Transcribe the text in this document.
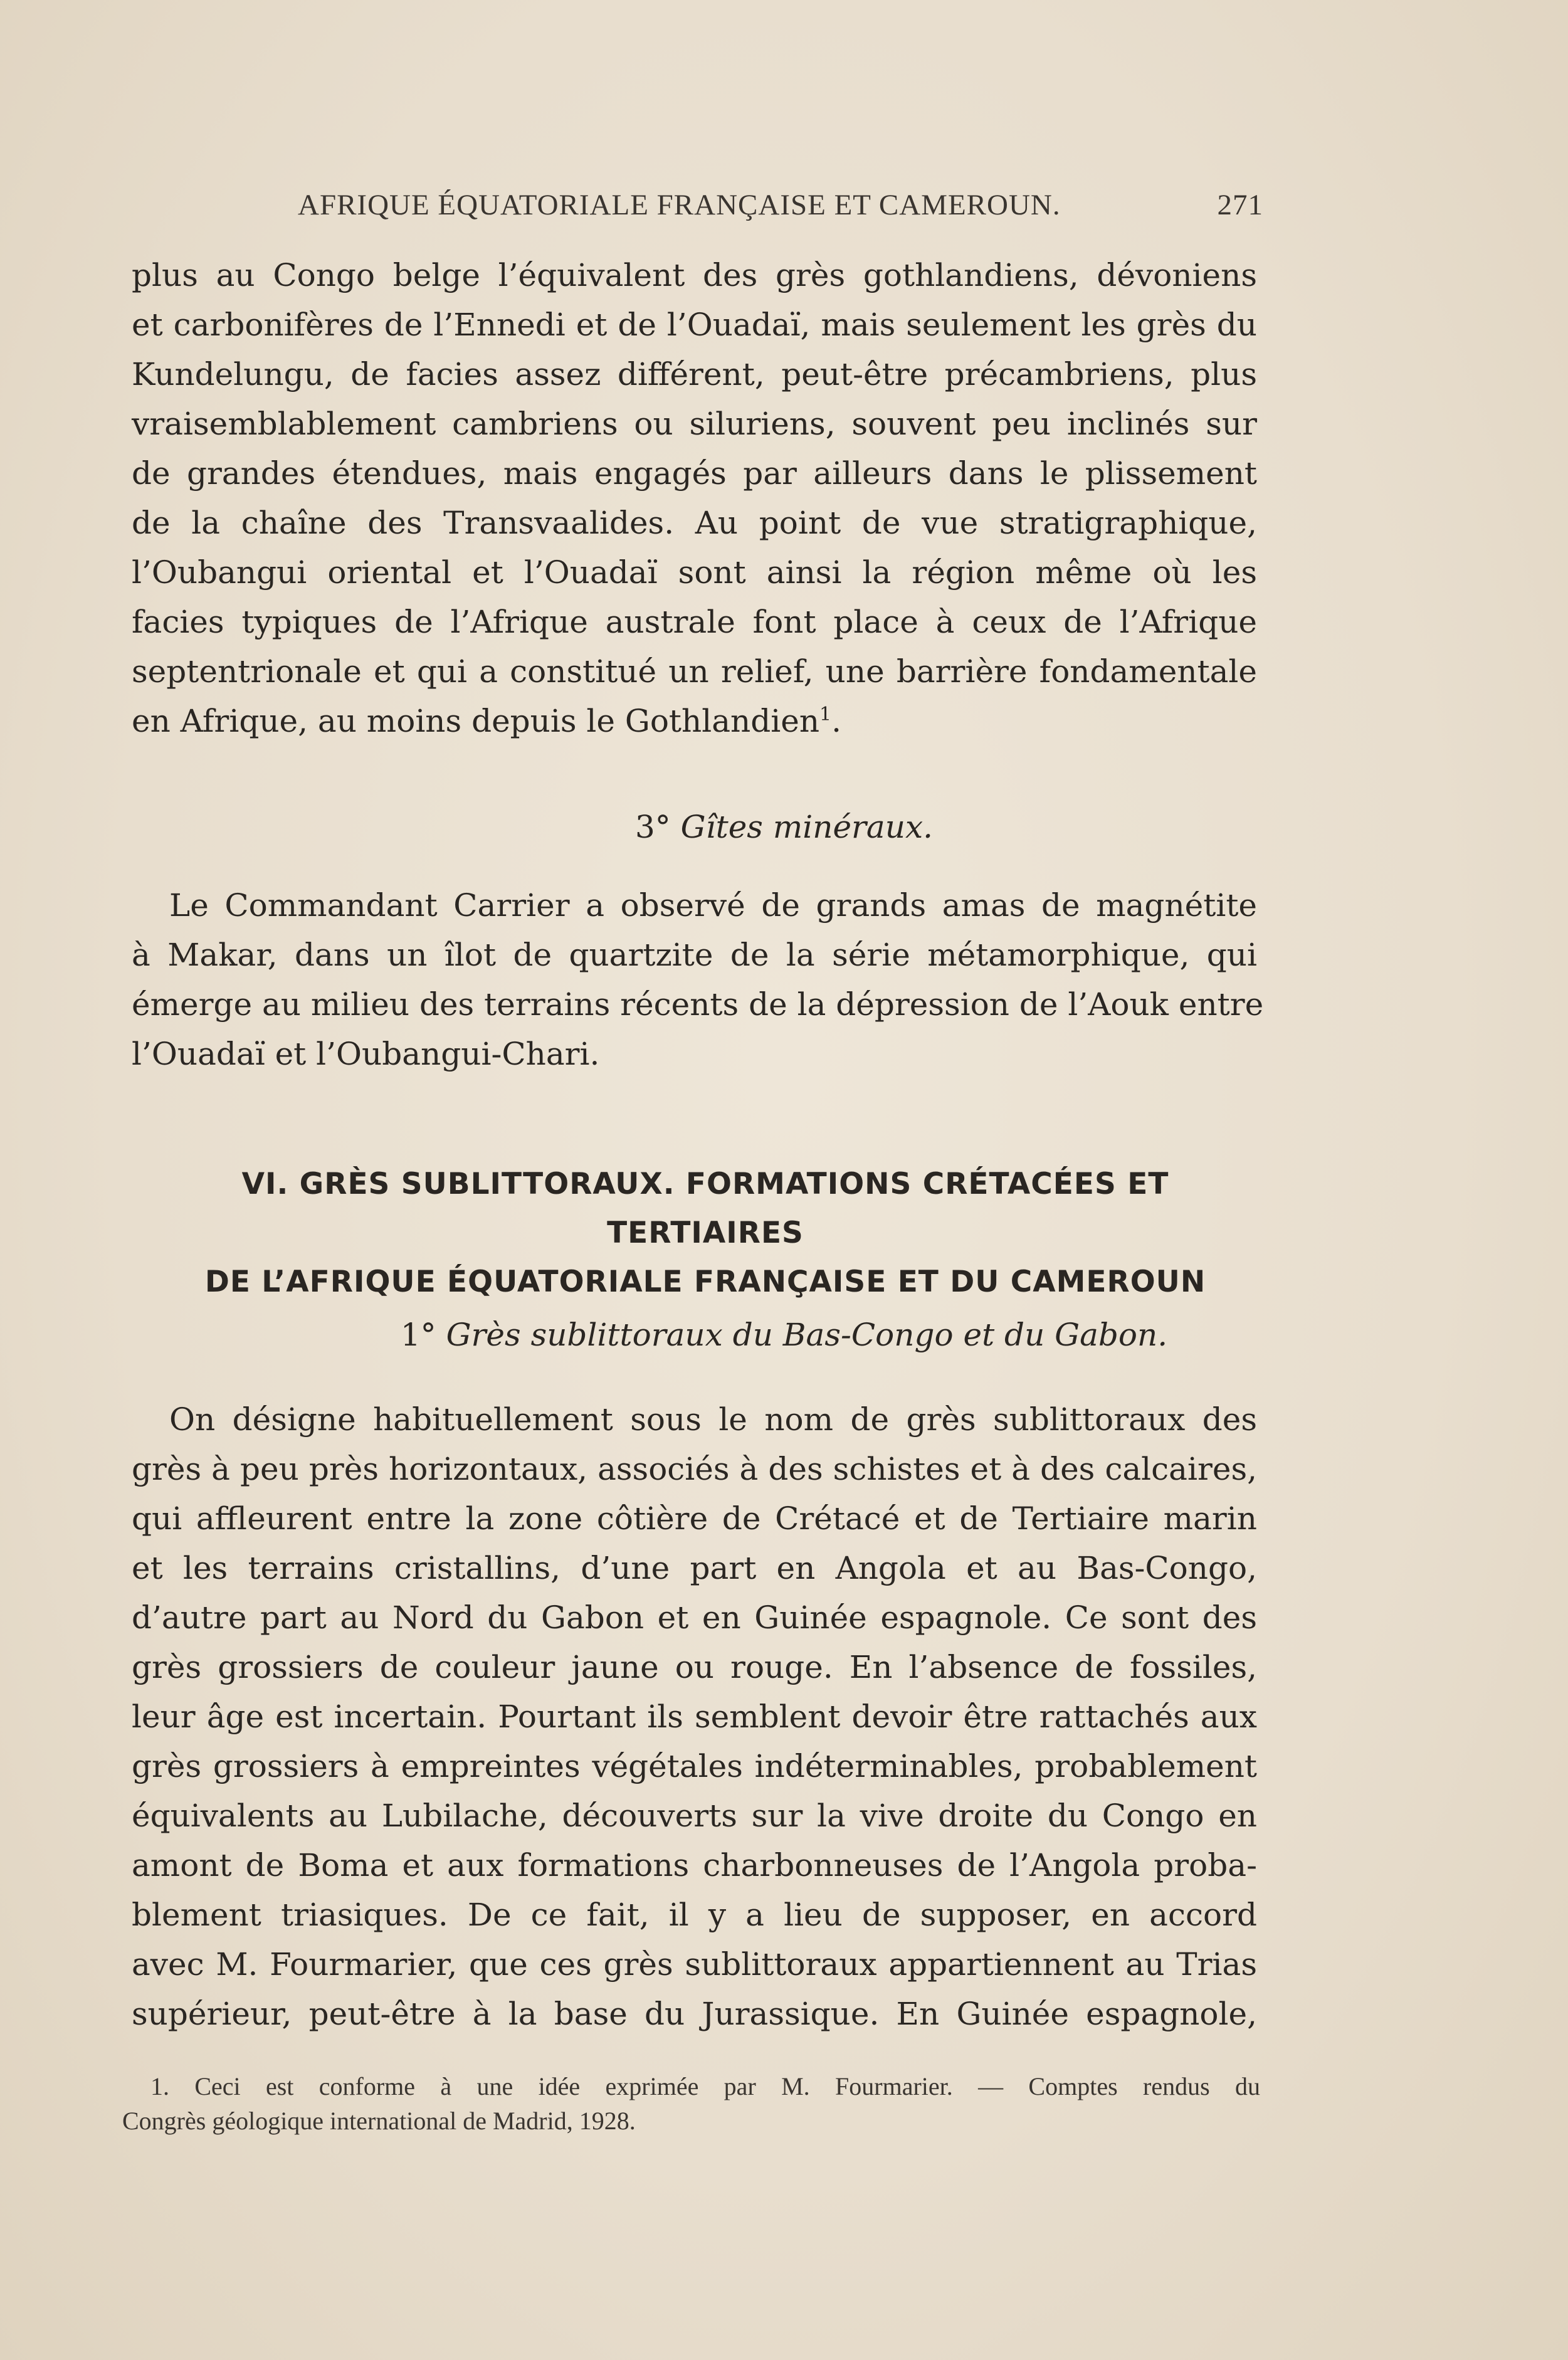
AFRIQUE ÉQUATORIALE FRANÇAISE ET CAMEROUN.	271
plus au Congo belge l’équivalent des grès gothlandiens, dévoniens
et carbonifères de l’Ennedi et de l’Ouadaï, mais seulement les grès du
Kundelungu, de facies assez différent, peut-être précambriens, plus
vraisemblablement cambriens ou siluriens, souvent peu inclinés sur
de grandes étendues, mais engagés par ailleurs dans le plissement
de la chaîne des Transvaalides. Au point de vue stratigraphique,
l’Oubangui oriental et l’Ouadaï sont ainsi la région même où les
facies typiques de l’Afrique australe font place à ceux de l’Afrique
septentrionale et qui a constitué un relief, une barrière fondamentale
en Afrique, au moins depuis le Gothlandien$^1$.
3° Gîtes minéraux.
Le Commandant Carrier a observé de grands amas de magnétite
à Makar, dans un îlot de quartzite de la série métamorphique, qui
émerge au milieu des terrains récents de la dépression de l’Aouk entre
l’Ouadaï et l’Oubangui-Chari.
VI. GRÈS SUBLITTORAUX. FORMATIONS CRÉTACÉES ET TERTIAIRES
DE L’AFRIQUE ÉQUATORIALE FRANÇAISE ET DU CAMEROUN
1° Grès sublittoraux du Bas-Congo et du Gabon.
On désigne habituellement sous le nom de grès sublittoraux des
grès à peu près horizontaux, associés à des schistes et à des calcaires,
qui affleurent entre la zone côtière de Crétacé et de Tertiaire marin
et les terrains cristallins, d’une part en Angola et au Bas-Congo,
d’autre part au Nord du Gabon et en Guinée espagnole. Ce sont des
grès grossiers de couleur jaune ou rouge. En l’absence de fossiles,
leur âge est incertain. Pourtant ils semblent devoir être rattachés aux
grès grossiers à empreintes végétales indéterminables, probablement
équivalents au Lubilache, découverts sur la vive droite du Congo en
amont de Boma et aux formations charbonneuses de l’Angola proba-
blement triasiques. De ce fait, il y a lieu de supposer, en accord
avec M. Fourmarier, que ces grès sublittoraux appartiennent au Trias
supérieur, peut-être à la base du Jurassique. En Guinée espagnole,
1. Ceci est conforme à une idée exprimée par M. Fourmarier. — Comptes rendus du
Congrès géologique international de Madrid, 1928.
